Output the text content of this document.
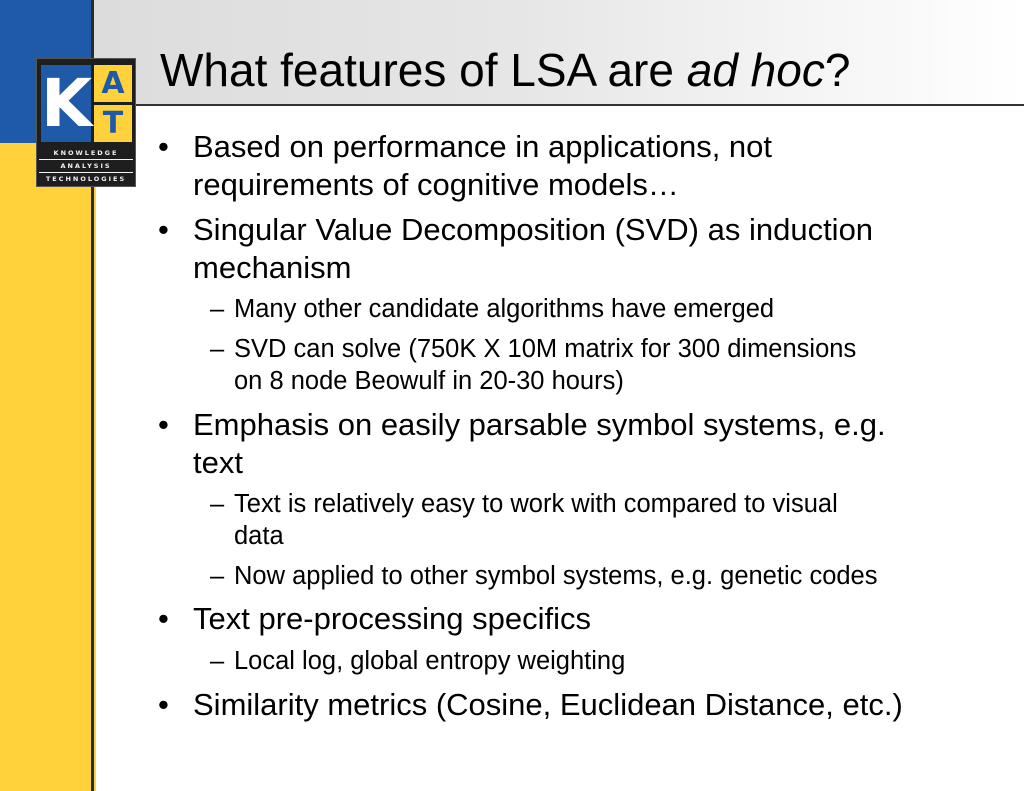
K A
T
KNOWLEDGE
ANALYSIS
TECHNOLOGIES
What features of LSA are ad hoc?
• Based on performance in applications, not
requirements of cognitive models…
• Singular Value Decomposition (SVD) as induction
mechanism
– Many other candidate algorithms have emerged
– SVD can solve (750K X 10M matrix for 300 dimensions
on 8 node Beowulf in 20-30 hours)
• Emphasis on easily parsable symbol systems, e.g.
text
– Text is relatively easy to work with compared to visual
data
– Now applied to other symbol systems, e.g. genetic codes
• Text pre-processing specifics
– Local log, global entropy weighting
• Similarity metrics (Cosine, Euclidean Distance, etc.)
